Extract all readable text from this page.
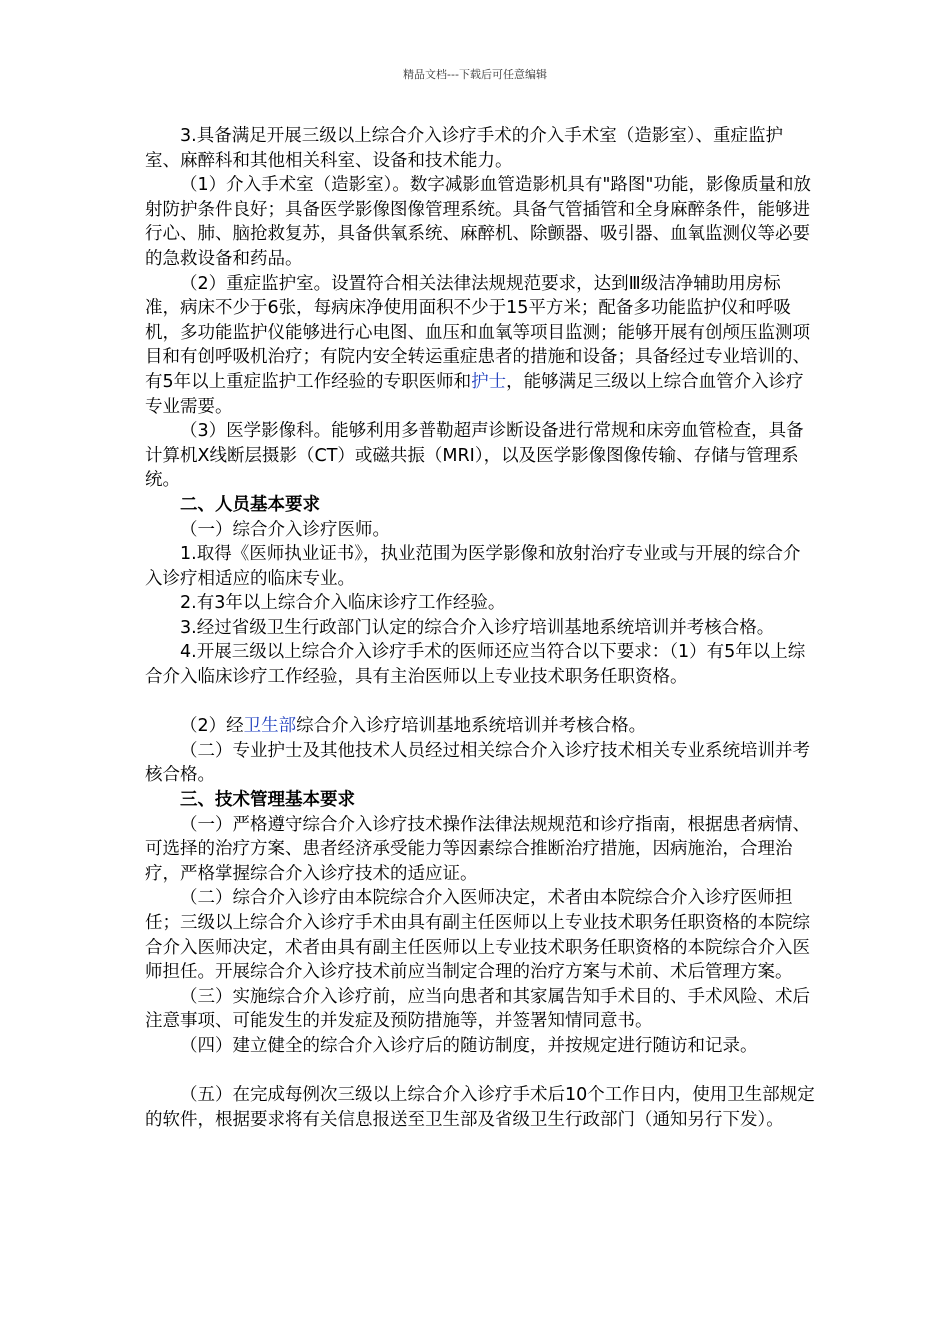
精品文档---下载后可任意编辑

3.具备满足开展三级以上综合介入诊疗手术的介入手术室（造影室）、重症监护室、麻醉科和其他相关科室、设备和技术能力。

（1）介入手术室（造影室）。数字减影血管造影机具有"路图"功能，影像质量和放射防护条件良好；具备医学影像图像管理系统。具备气管插管和全身麻醉条件，能够进行心、肺、脑抢救复苏，具备供氧系统、麻醉机、除颤器、吸引器、血氧监测仪等必要的急救设备和药品。

（2）重症监护室。设置符合相关法律法规规范要求，达到Ⅲ级洁净辅助用房标准，病床不少于6张，每病床净使用面积不少于15平方米；配备多功能监护仪和呼吸机，多功能监护仪能够进行心电图、血压和血氧等项目监测；能够开展有创颅压监测项目和有创呼吸机治疗；有院内安全转运重症患者的措施和设备；具备经过专业培训的、有5年以上重症监护工作经验的专职医师和护士，能够满足三级以上综合血管介入诊疗专业需要。

（3）医学影像科。能够利用多普勒超声诊断设备进行常规和床旁血管检查，具备计算机X线断层摄影（CT）或磁共振（MRI），以及医学影像图像传输、存储与管理系统。

二、人员基本要求

（一）综合介入诊疗医师。

1.取得《医师执业证书》，执业范围为医学影像和放射治疗专业或与开展的综合介入诊疗相适应的临床专业。

2.有3年以上综合介入临床诊疗工作经验。

3.经过省级卫生行政部门认定的综合介入诊疗培训基地系统培训并考核合格。

4.开展三级以上综合介入诊疗手术的医师还应当符合以下要求：（1）有5年以上综合介入临床诊疗工作经验，具有主治医师以上专业技术职务任职资格。

（2）经卫生部综合介入诊疗培训基地系统培训并考核合格。

（二）专业护士及其他技术人员经过相关综合介入诊疗技术相关专业系统培训并考核合格。

三、技术管理基本要求

（一）严格遵守综合介入诊疗技术操作法律法规规范和诊疗指南，根据患者病情、可选择的治疗方案、患者经济承受能力等因素综合推断治疗措施，因病施治，合理治疗，严格掌握综合介入诊疗技术的适应证。

（二）综合介入诊疗由本院综合介入医师决定，术者由本院综合介入诊疗医师担任；三级以上综合介入诊疗手术由具有副主任医师以上专业技术职务任职资格的本院综合介入医师决定，术者由具有副主任医师以上专业技术职务任职资格的本院综合介入医师担任。开展综合介入诊疗技术前应当制定合理的治疗方案与术前、术后管理方案。

（三）实施综合介入诊疗前，应当向患者和其家属告知手术目的、手术风险、术后注意事项、可能发生的并发症及预防措施等，并签署知情同意书。

（四）建立健全的综合介入诊疗后的随访制度，并按规定进行随访和记录。

（五）在完成每例次三级以上综合介入诊疗手术后10个工作日内，使用卫生部规定的软件，根据要求将有关信息报送至卫生部及省级卫生行政部门（通知另行下发）。
